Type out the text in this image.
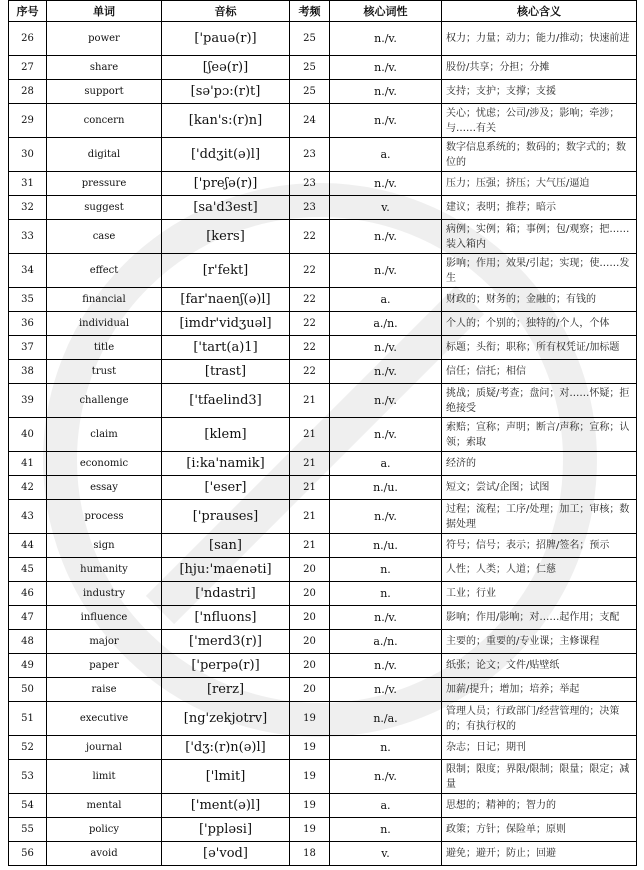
序号	单词	音标	考频	核心词性	核心含义
26	power	['pauə(r)]	25	n./v.	权力；力量；动力；能力/推动；快速前进
27	share	[ʃeə(r)]	25	n./v.	股份/共享；分担；分摊
28	support	[sə'pɔ:(r)t]	25	n./v.	支持；支护；支撑；支援
29	concern	[kan's:(r)n]	24	n./v.	关心；忧虑；公司/涉及；影响；牵涉；与……有关
30	digital	['ddʒit(ə)l]	23	a.	数字信息系统的；数码的；数字式的；数位的
31	pressure	['preʃə(r)]	23	n./v.	压力；压强；挤压；大气压/逼迫
32	suggest	[sa'd3est]	23	v.	建议；表明；推荐；暗示
33	case	[kers]	22	n./v.	病例；实例；箱；事例；包/观察；把……装入箱内
34	effect	[r'fekt]	22	n./v.	影响；作用；效果/引起；实现；使……发生
35	financial	[far'naenʃ(ə)l]	22	a.	财政的；财务的；金融的；有钱的
36	individual	[imdr'vidʒuəl]	22	a./n.	个人的；个别的；独特的/个人，个体
37	title	['tart(a)1]	22	n./v.	标题；头衔；职称；所有权凭证/加标题
38	trust	[trast]	22	n./v.	信任；信托；相信
39	challenge	['tfaelind3]	21	n./v.	挑战；质疑/考查；盘问；对……怀疑；拒绝接受
40	claim	[klem]	21	n./v.	索赔；宣称；声明；断言/声称；宣称；认领；索取
41	economic	[i:ka'namik]	21	a.	经济的
42	essay	['eser]	21	n./u.	短文；尝试/企图；试图
43	process	['prauses]	21	n./v.	过程；流程；工序/处理；加工；审核；数据处理
44	sign	[san]	21	n./u.	符号；信号；表示；招牌/签名；预示
45	humanity	[hju:'maenəti]	20	n.	人性；人类；人道；仁慈
46	industry	['ndastri]	20	n.	工业；行业
47	influence	['nfluons]	20	n./v.	影响；作用/影响；对……起作用；支配
48	major	['merd3(r)]	20	a./n.	主要的；重要的/专业课；主修课程
49	paper	['perpə(r)]	20	n./v.	纸张；论文；文件/贴壁纸
50	raise	[rerz]	20	n./v.	加薪/提升；增加；培养；举起
51	executive	[ng'zekjotrv]	19	n./a.	管理人员；行政部门/经营管理的；决策的；有执行权的
52	journal	['dʒ:(r)n(ə)l]	19	n.	杂志；日记；期刊
53	limit	['lmit]	19	n./v.	限制；限度；界限/限制；限量；限定；减量
54	mental	['ment(ə)l]	19	a.	思想的；精神的；智力的
55	policy	['ppləsi]	19	n.	政策；方针；保险单；原则
56	avoid	[ə'vod]	18	v.	避免；避开；防止；回避
